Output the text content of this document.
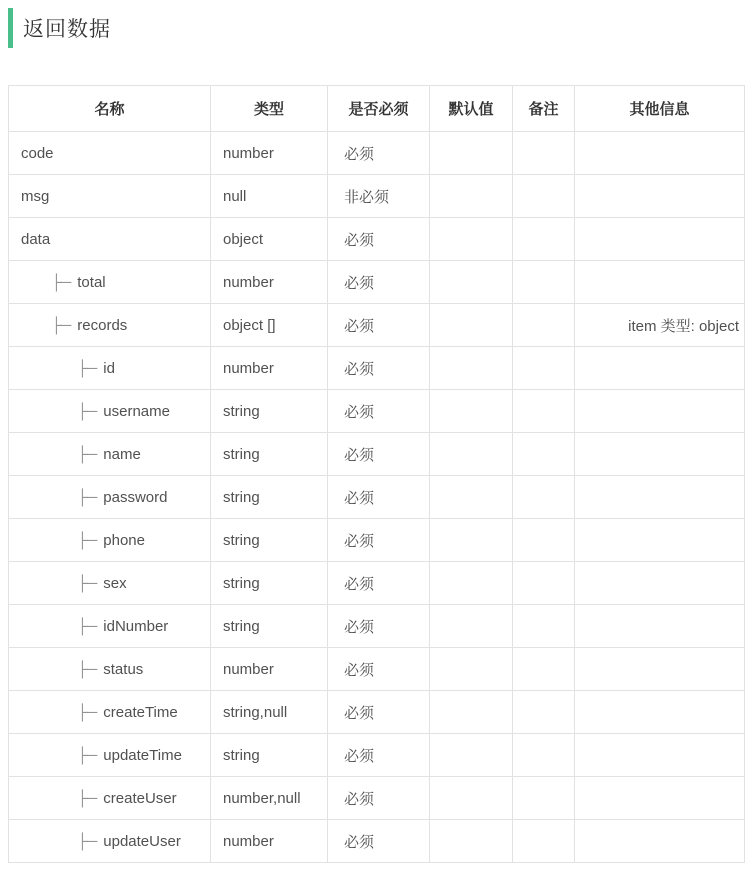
返回数据
名称	类型	是否必须	默认值	备注	其他信息
code	number	必须			
msg	null	非必须			
data	object	必须			
├─ total	number	必须			
├─ records	object []	必须			item 类型: object
├─ id	number	必须			
├─ username	string	必须			
├─ name	string	必须			
├─ password	string	必须			
├─ phone	string	必须			
├─ sex	string	必须			
├─ idNumber	string	必须			
├─ status	number	必须			
├─ createTime	string,null	必须			
├─ updateTime	string	必须			
├─ createUser	number,null	必须			
├─ updateUser	number	必须			
